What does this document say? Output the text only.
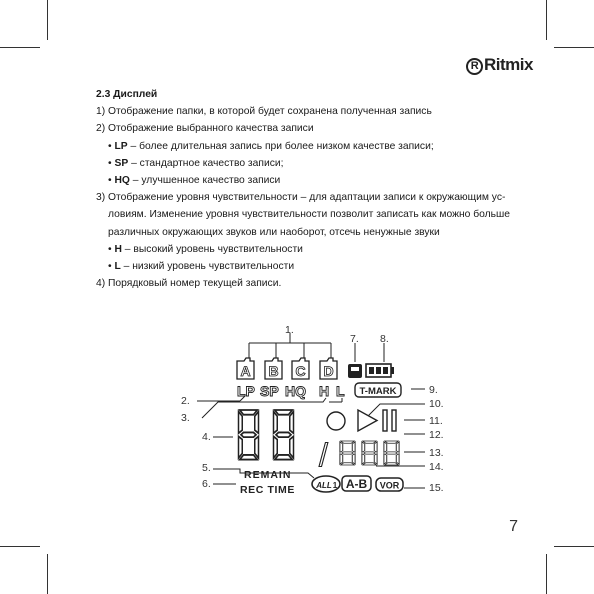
R Ritmix
2.3 Дисплей
1) Отображение папки, в которой будет сохранена полученная запись
2) Отображение выбранного качества записи
• LP – более длительная запись при более низком качестве записи;
• SP – стандартное качество записи;
• HQ – улучшенное качество записи
3) Отображение уровня чувствительности – для адаптации записи к окружающим ус-
ловиям. Изменение уровня чувствительности позволит записать как можно больше
различных окружающих звуков или наоборот, отсечь ненужные звуки
• H – высокий уровень чувствительности
• L – низкий уровень чувствительности
4) Порядковый номер текущей записи.
A B C D
LP SP HQ H L T-MARK
/
REMAIN
REC TIME	ALL 1 A-B VOR
1.
2.
3.
4.
5.
6.
7. 8.
9.
10.
11.
12.
13.
14.
15.
7
